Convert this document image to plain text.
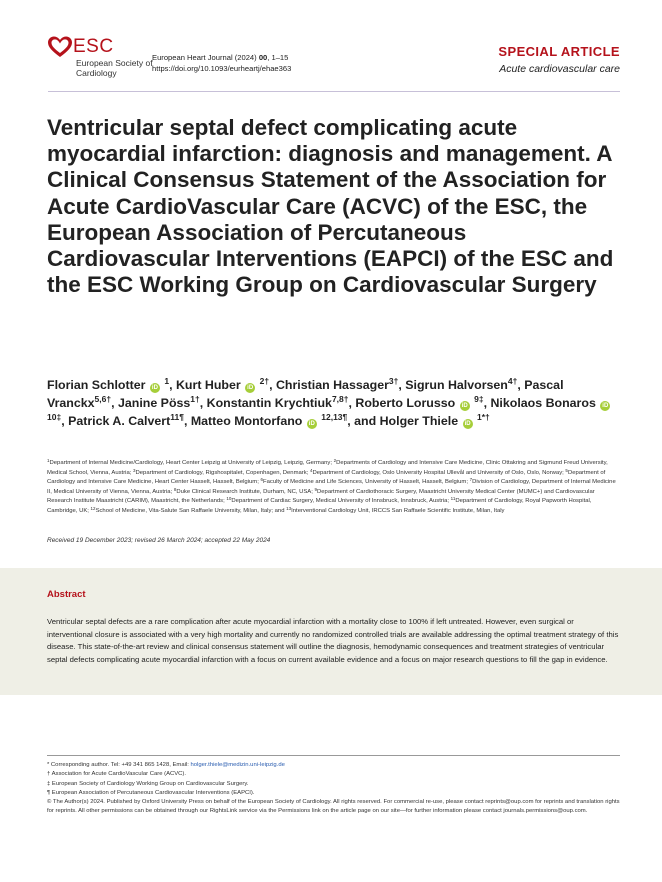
ESC
European Society of Cardiology
European Heart Journal (2024) 00, 1–15
https://doi.org/10.1093/eurheartj/ehae363
SPECIAL ARTICLE
Acute cardiovascular care
Ventricular septal defect complicating acute myocardial infarction: diagnosis and management. A Clinical Consensus Statement of the Association for Acute CardioVascular Care (ACVC) of the ESC, the European Association of Percutaneous Cardiovascular Interventions (EAPCI) of the ESC and the ESC Working Group on Cardiovascular Surgery
Florian Schlotter iD $^1$, Kurt Huber iD $^{2\dagger}$, Christian Hassager$^{3\dagger}$, Sigrun Halvorsen$^{4\dagger}$, Pascal Vranckx$^{5,6\dagger}$, Janine Pöss$^{1\dagger}$, Konstantin Krychtiuk$^{7,8\dagger}$, Roberto Lorusso iD $^{9\ddagger}$, Nikolaos Bonaros iD $^{10\ddagger}$, Patrick A. Calvert$^{11\P}$, Matteo Montorfano iD $^{12,13\P}$, and Holger Thiele iD $^{1*\dagger}$
$^1$Department of Internal Medicine/Cardiology, Heart Center Leipzig at University of Leipzig, Leipzig, Germany; $^2$Departments of Cardiology and Intensive Care Medicine, Clinic Ottakring and Sigmund Freud University, Medical School, Vienna, Austria; $^3$Department of Cardiology, Rigshospitalet, Copenhagen, Denmark; $^4$Department of Cardiology, Oslo University Hospital Ullevål and University of Oslo, Oslo, Norway; $^5$Department of Cardiology and Intensive Care Medicine, Heart Center Hasselt, Hasselt, Belgium; $^6$Faculty of Medicine and Life Sciences, University of Hasselt, Hasselt, Belgium; $^7$Division of Cardiology, Department of Internal Medicine II, Medical University of Vienna, Vienna, Austria; $^8$Duke Clinical Research Institute, Durham, NC, USA; $^9$Department of Cardiothoracic Surgery, Maastricht University Medical Center (MUMC+) and Cardiovascular Research Institute Maastricht (CARIM), Maastricht, the Netherlands; $^{10}$Department of Cardiac Surgery, Medical University of Innsbruck, Innsbruck, Austria; $^{11}$Department of Cardiology, Royal Papworth Hospital, Cambridge, UK; $^{12}$School of Medicine, Vita-Salute San Raffaele University, Milan, Italy; and $^{13}$Interventional Cardiology Unit, IRCCS San Raffaele Scientific Institute, Milan, Italy
Received 19 December 2023; revised 26 March 2024; accepted 22 May 2024
Abstract

Ventricular septal defects are a rare complication after acute myocardial infarction with a mortality close to 100% if left untreated. However, even surgical or interventional closure is associated with a very high mortality and currently no randomized controlled trials are available addressing the optimal treatment strategy of this disease. This state-of-the-art review and clinical consensus statement will outline the diagnosis, hemodynamic consequences and treatment strategies of ventricular septal defects complicating acute myocardial infarction with a focus on current available evidence and a focus on major research questions to fill the gap in evidence.

* Corresponding author. Tel: +49 341 865 1428, Email: holger.thiele@medizin.uni-leipzig.de
† Association for Acute CardioVascular Care (ACVC).
‡ European Society of Cardiology Working Group on Cardiovascular Surgery.
¶ European Association of Percutaneous Cardiovascular Interventions (EAPCI).
© The Author(s) 2024. Published by Oxford University Press on behalf of the European Society of Cardiology. All rights reserved. For commercial re-use, please contact reprints@oup.com for reprints and translation rights for reprints. All other permissions can be obtained through our RightsLink service via the Permissions link on the article page on our site—for further information please contact journals.permissions@oup.com.
